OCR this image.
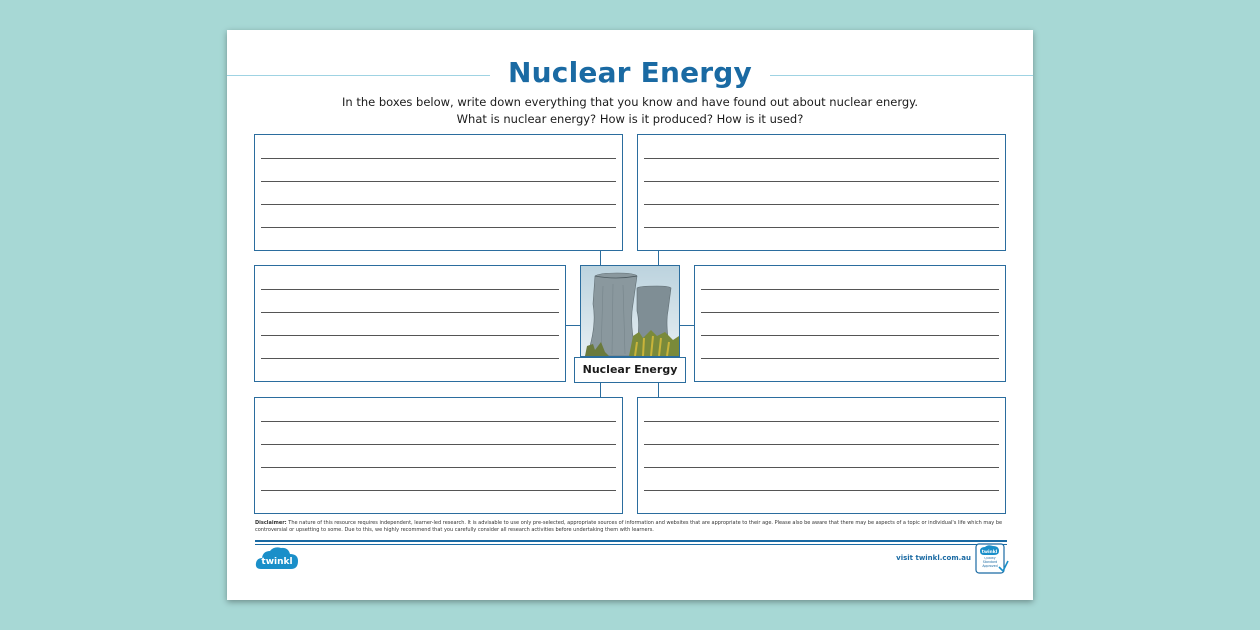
Nuclear Energy
In the boxes below, write down everything that you know and have found out about nuclear energy.
What is nuclear energy? How is it produced? How is it used?
Nuclear Energy
Disclaimer: The nature of this resource requires independent, learner-led research. It is advisable to use only pre-selected, appropriate sources of information and websites that are appropriate to their age. Please also be aware that there may be aspects of a topic or individual's life which may be controversial or upsetting to some. Due to this, we highly recommend that you carefully consider all research activities before undertaking them with learners.
twinkl	visit twinkl.com.au
twinkl
Quality Standard Approved
